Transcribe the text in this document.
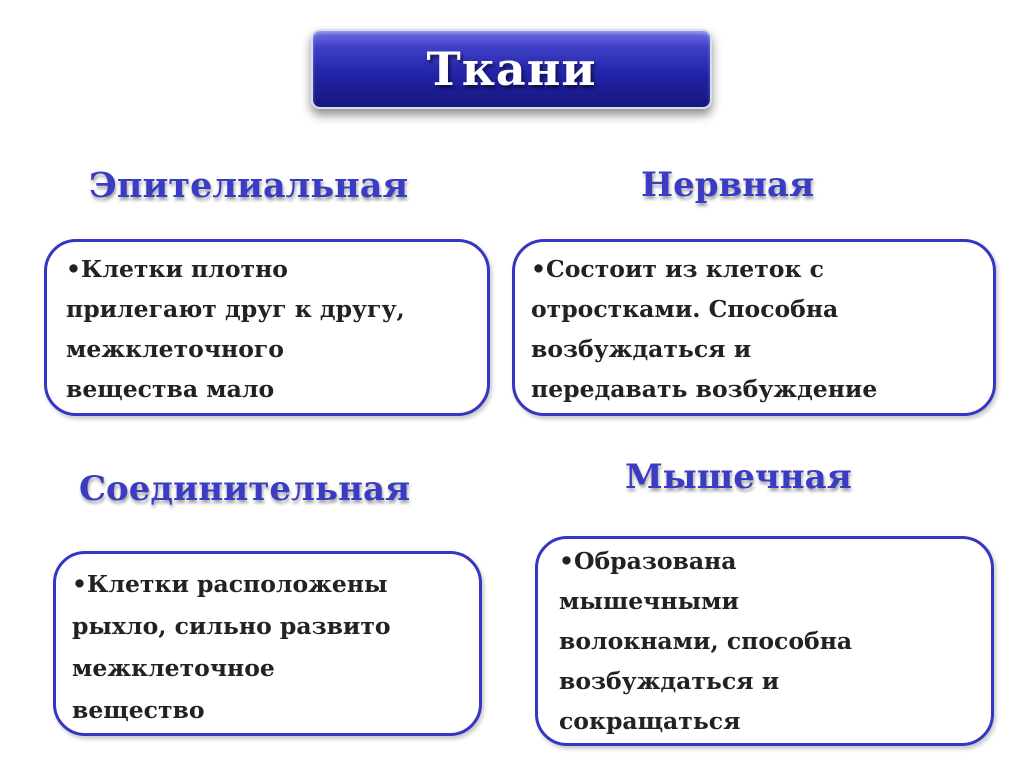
Ткани
Эпителиальная	Нервная
Соединительная	Мышечная
•Клетки плотно
прилегают друг к другу,
межклеточного
вещества мало
•Состоит из клеток с
отростками. Способна
возбуждаться и
передавать возбуждение
•Клетки расположены
рыхло, сильно развито
межклеточное
вещество
•Образована
мышечными
волокнами, способна
возбуждаться и
сокращаться
